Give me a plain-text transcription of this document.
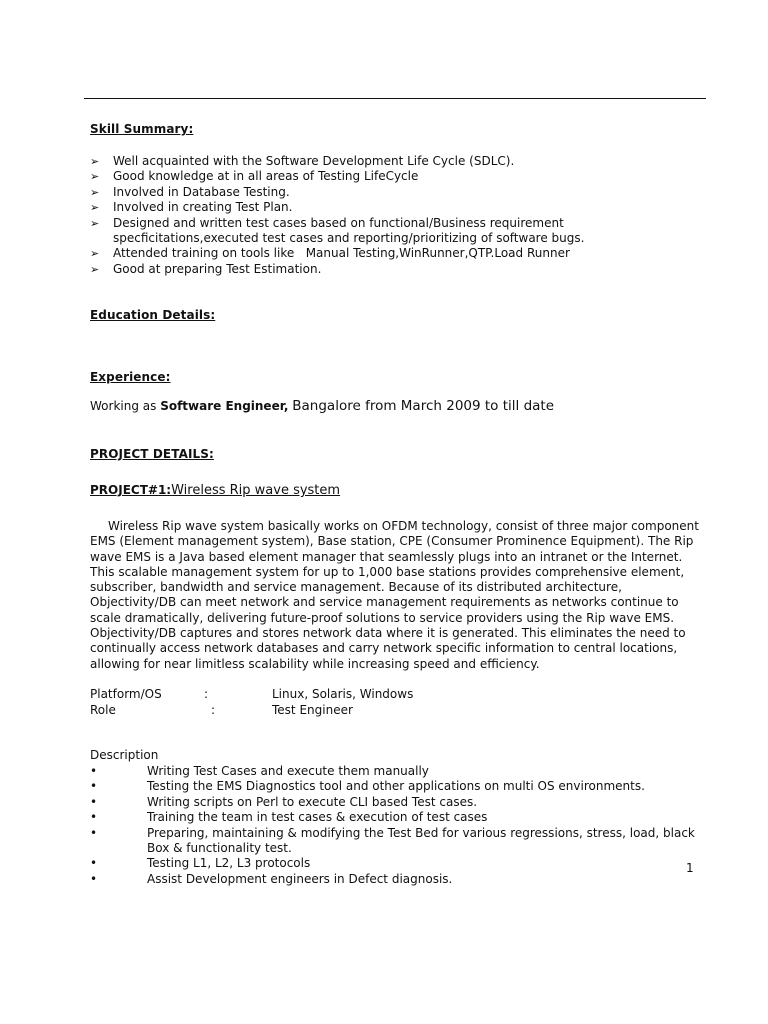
Skill Summary:
➢ Well acquainted with the Software Development Life Cycle (SDLC).
➢ Good knowledge at in all areas of Testing LifeCycle
➢ Involved in Database Testing.
➢ Involved in creating Test Plan.
➢ Designed and written test cases based on functional/Business requirement specficitations,executed test cases and reporting/prioritizing of software bugs.
➢ Attended training on tools like   Manual Testing,WinRunner,QTP.Load Runner
➢ Good at preparing Test Estimation.
Education Details:
Experience:
Working as Software Engineer, Bangalore from March 2009 to till date
PROJECT DETAILS:
PROJECT#1:Wireless Rip wave system

Wireless Rip wave system basically works on OFDM technology, consist of three major component EMS (Element management system), Base station, CPE (Consumer Prominence Equipment). The Rip wave EMS is a Java based element manager that seamlessly plugs into an intranet or the Internet. This scalable management system for up to 1,000 base stations provides comprehensive element, subscriber, bandwidth and service management. Because of its distributed architecture, Objectivity/DB can meet network and service management requirements as networks continue to scale dramatically, delivering future-proof solutions to service providers using the Rip wave EMS. Objectivity/DB captures and stores network data where it is generated. This eliminates the need to continually access network databases and carry network specific information to central locations, allowing for near limitless scalability while increasing speed and efficiency.

Platform/OS	:	Linux, Solaris, Windows
Role	:	Test Engineer
Description
•	Writing Test Cases and execute them manually
•	Testing the EMS Diagnostics tool and other applications on multi OS environments.
•	Writing scripts on Perl to execute CLI based Test cases.
•	Training the team in test cases & execution of test cases
•	Preparing, maintaining & modifying the Test Bed for various regressions, stress, load, black Box & functionality test.
•	Testing L1, L2, L3 protocols
•	Assist Development engineers in Defect diagnosis.
1
